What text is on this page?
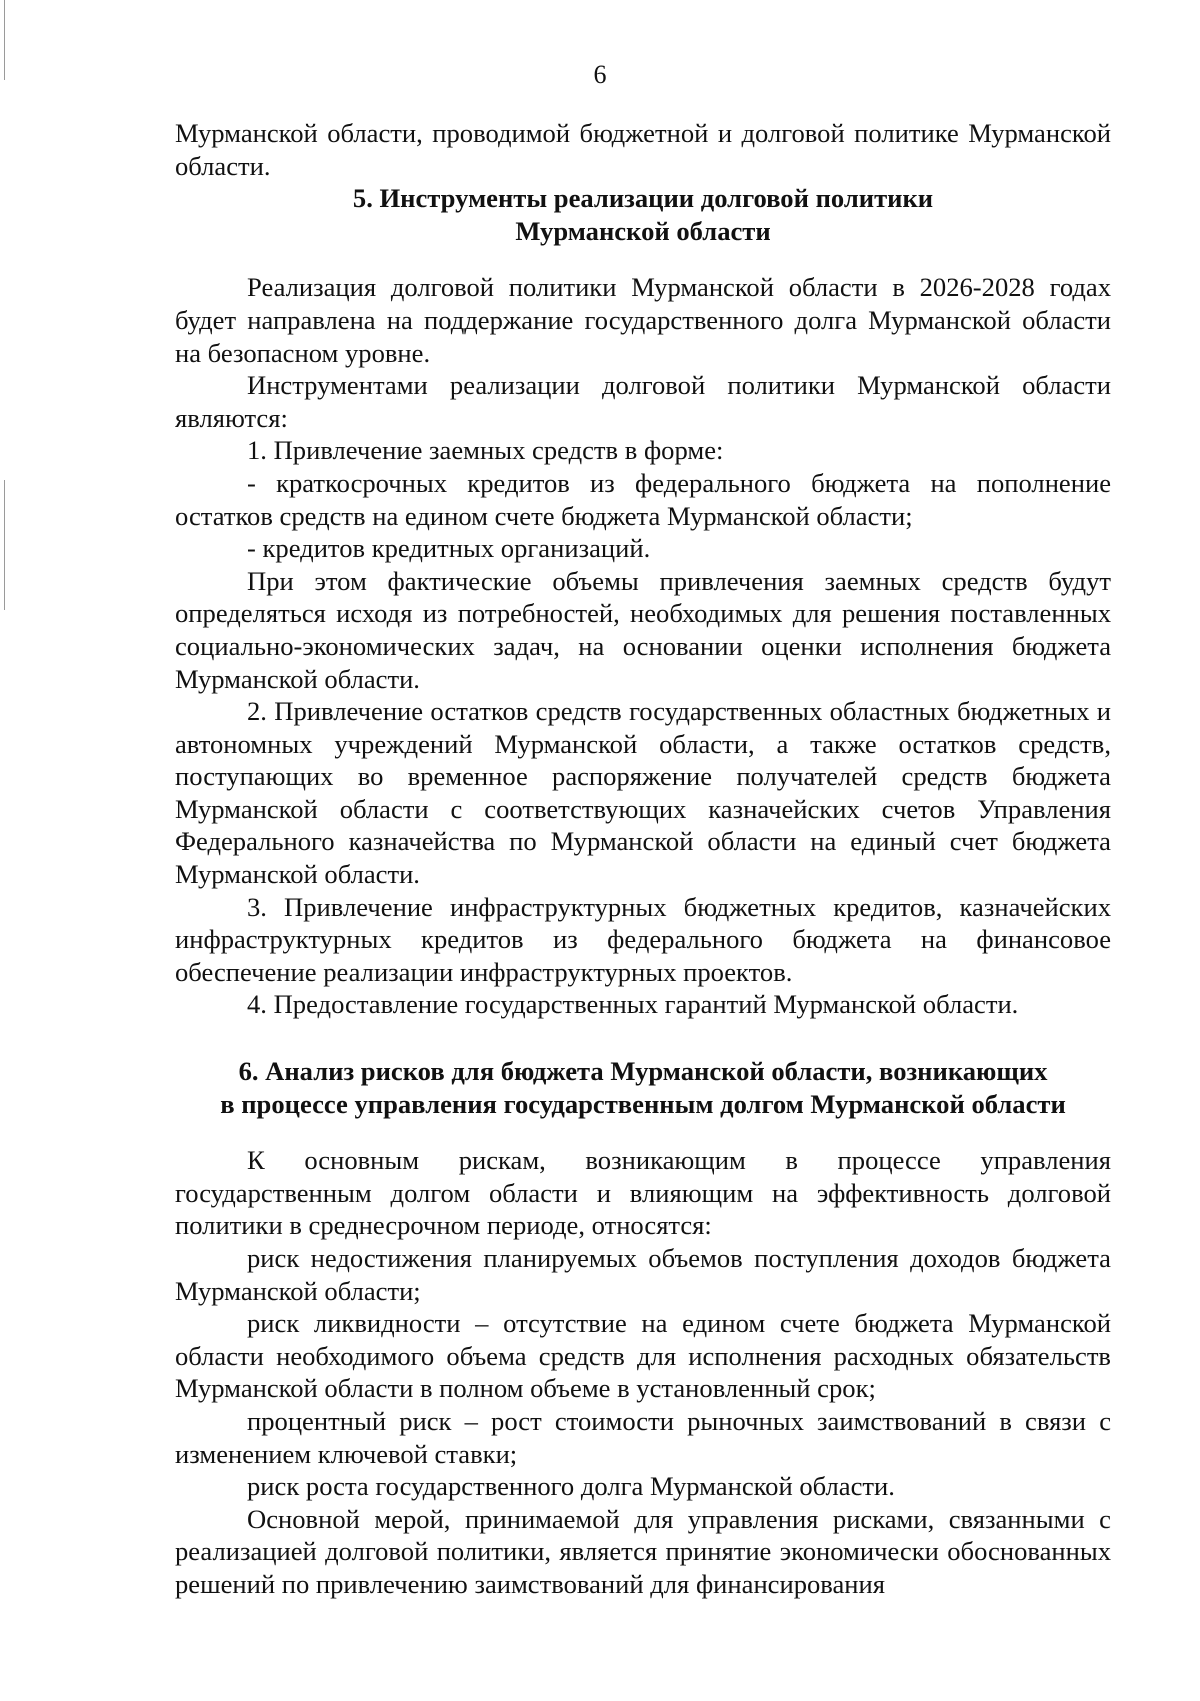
6

Мурманской области, проводимой бюджетной и долговой политике Мурманской области.

5. Инструменты реализации долговой политики
Мурманской области

Реализация долговой политики Мурманской области в 2026-2028 годах будет направлена на поддержание государственного долга Мурманской области на безопасном уровне.

Инструментами реализации долговой политики Мурманской области являются:

1. Привлечение заемных средств в форме:

- краткосрочных кредитов из федерального бюджета на пополнение остатков средств на едином счете бюджета Мурманской области;

- кредитов кредитных организаций.

При этом фактические объемы привлечения заемных средств будут определяться исходя из потребностей, необходимых для решения поставленных социально-экономических задач, на основании оценки исполнения бюджета Мурманской области.

2. Привлечение остатков средств государственных областных бюджетных и автономных учреждений Мурманской области, а также остатков средств, поступающих во временное распоряжение получателей средств бюджета Мурманской области с соответствующих казначейских счетов Управления Федерального казначейства по Мурманской области на единый счет бюджета Мурманской области.

3. Привлечение инфраструктурных бюджетных кредитов, казначейских инфраструктурных кредитов из федерального бюджета на финансовое обеспечение реализации инфраструктурных проектов.

4. Предоставление государственных гарантий Мурманской области.

6. Анализ рисков для бюджета Мурманской области, возникающих
в процессе управления государственным долгом Мурманской области

К основным рискам, возникающим в процессе управления государственным долгом области и влияющим на эффективность долговой политики в среднесрочном периоде, относятся:

риск недостижения планируемых объемов поступления доходов бюджета Мурманской области;

риск ликвидности – отсутствие на едином счете бюджета Мурманской области необходимого объема средств для исполнения расходных обязательств Мурманской области в полном объеме в установленный срок;

процентный риск – рост стоимости рыночных заимствований в связи с изменением ключевой ставки;

риск роста государственного долга Мурманской области.

Основной мерой, принимаемой для управления рисками, связанными с реализацией долговой политики, является принятие экономически обоснованных решений по привлечению заимствований для финансирования
